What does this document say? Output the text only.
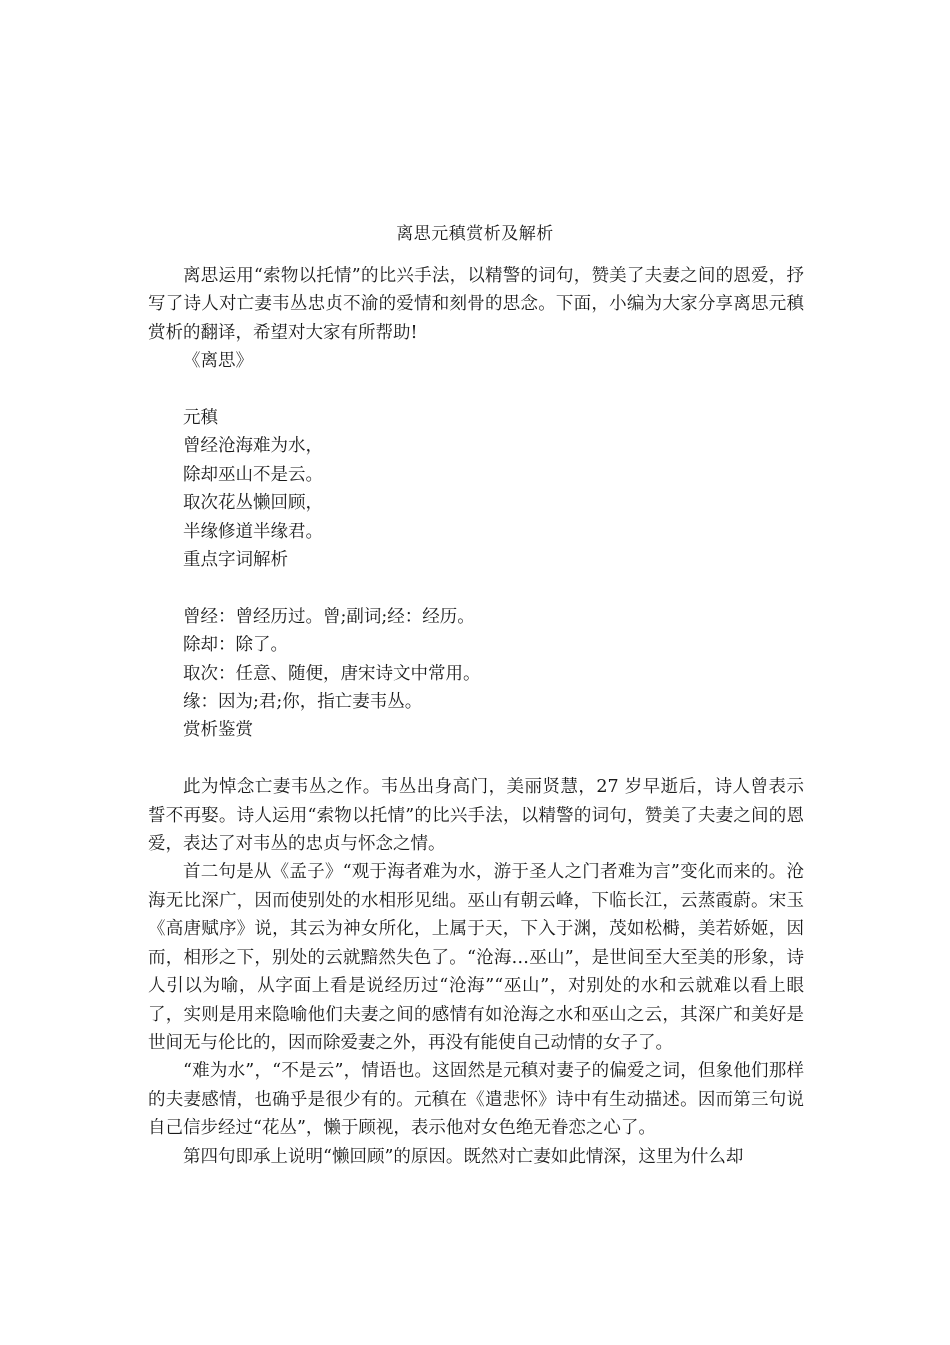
离思元稹赏析及解析

离思运用“索物以托情”的比兴手法，以精警的词句，赞美了夫妻之间的恩爱，抒写了诗人对亡妻韦丛忠贞不渝的爱情和刻骨的思念。下面，小编为大家分享离思元稹赏析的翻译，希望对大家有所帮助!

《离思》

元稹

曾经沧海难为水，

除却巫山不是云。

取次花丛懒回顾，

半缘修道半缘君。

重点字词解析

曾经：曾经历过。曾;副词;经：经历。

除却：除了。

取次：任意、随便，唐宋诗文中常用。

缘：因为;君;你，指亡妻韦丛。

赏析鉴赏

此为悼念亡妻韦丛之作。韦丛出身高门，美丽贤慧，27 岁早逝后，诗人曾表示誓不再娶。诗人运用“索物以托情”的比兴手法，以精警的词句，赞美了夫妻之间的恩爱，表达了对韦丛的忠贞与怀念之情。

首二句是从《孟子》“观于海者难为水，游于圣人之门者难为言”变化而来的。沧海无比深广，因而使别处的水相形见绌。巫山有朝云峰，下临长江，云蒸霞蔚。宋玉《高唐赋序》说，其云为神女所化，上属于天，下入于渊，茂如松榯，美若娇姬，因而，相形之下，别处的云就黯然失色了。“沧海…巫山”，是世间至大至美的形象，诗人引以为喻，从字面上看是说经历过“沧海”“巫山”，对别处的水和云就难以看上眼了，实则是用来隐喻他们夫妻之间的感情有如沧海之水和巫山之云，其深广和美好是世间无与伦比的，因而除爱妻之外，再没有能使自己动情的女子了。

“难为水”，“不是云”，情语也。这固然是元稹对妻子的偏爱之词，但象他们那样的夫妻感情，也确乎是很少有的。元稹在《遣悲怀》诗中有生动描述。因而第三句说自己信步经过“花丛”，懒于顾视，表示他对女色绝无眷恋之心了。

第四句即承上说明“懒回顾”的原因。既然对亡妻如此情深，这里为什么却
